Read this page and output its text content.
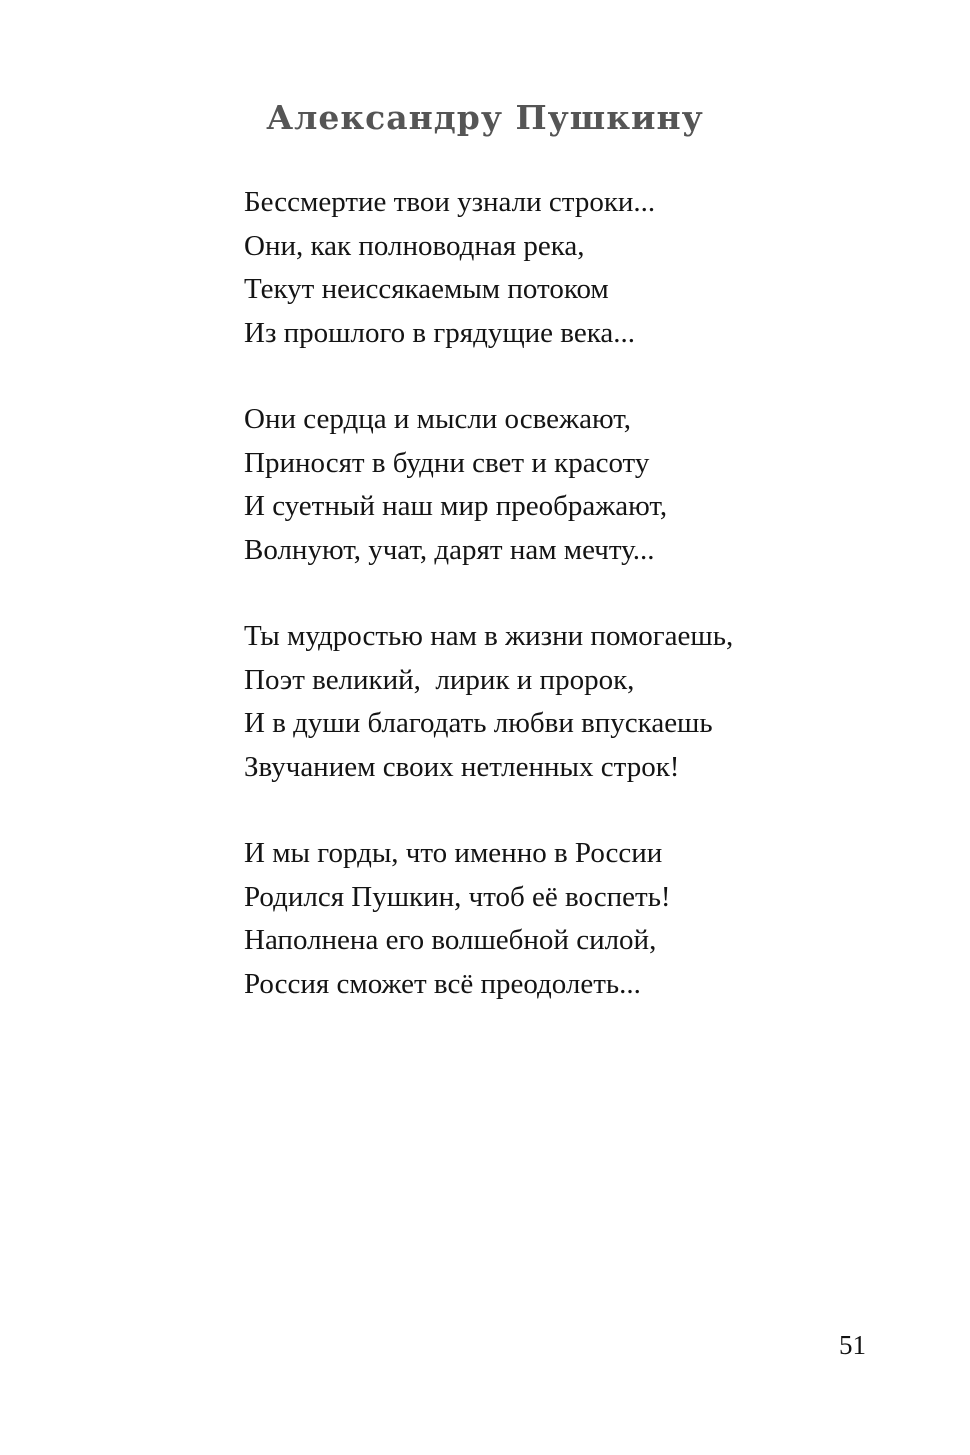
Александру Пушкину
Бессмертие твои узнали строки...
Они, как полноводная река,
Текут неиссякаемым потоком
Из прошлого в грядущие века...
Они сердца и мысли освежают,
Приносят в будни свет и красоту
И суетный наш мир преображают,
Волнуют, учат, дарят нам мечту...
Ты мудростью нам в жизни помогаешь,
Поэт великий,  лирик и пророк,
И в души благодать любви впускаешь
Звучанием своих нетленных строк!
И мы горды, что именно в России
Родился Пушкин, чтоб её воспеть!
Наполнена его волшебной силой,
Россия сможет всё преодолеть...
51
